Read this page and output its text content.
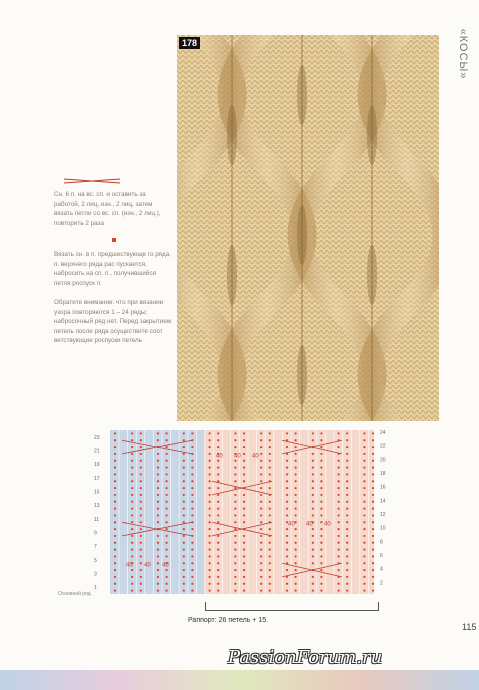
«КОСЫ»
178

Сн. 6 п. на вс. сп. и оставить за работой, 2 лиц, изн., 2 лиц, затем вязать петли со вс. сп. (изн., 2 лиц.), повторить 2 раза

Вязать сн. в п. предшествующе го ряда, п. верхнего ряда рас пускается, набросить на сп. п., получившийся петля роспуск п.

Обратите внимание: что при вязании узора повторяются 1 – 24 ряды; набросочный ряд нет. Перед закрытием петель после ряда осуществите соот ветствующие роспуски петель

40 40 40
40 40 40
40 40 40
23
21
19
17
15
13
11
9
7
5
3
1
24
22
20
18
16
14
12
10
8
6
4
2
Основной ряд
Раппорт: 26 петель + 15.
115
PassionForum.ru
